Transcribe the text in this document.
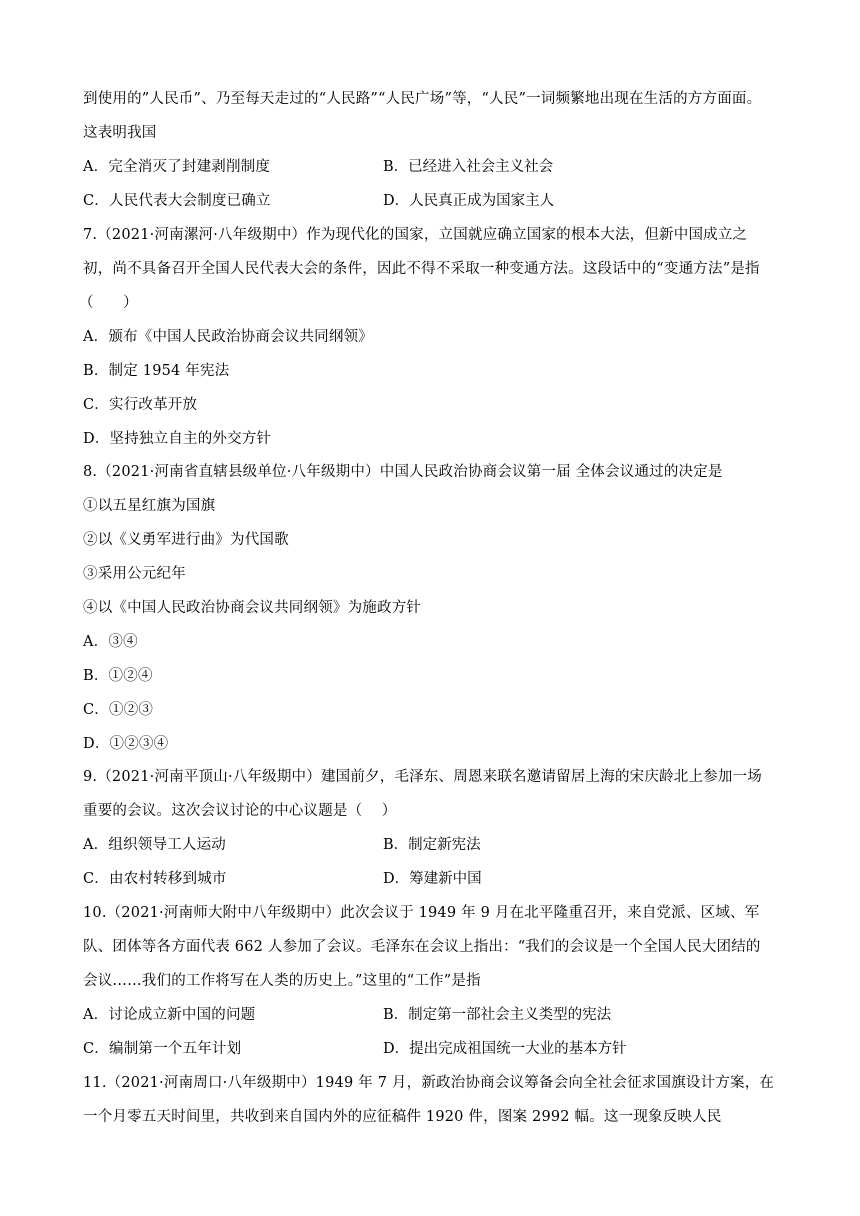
到使用的”人民币”、乃至每天走过的“人民路”“人民广场”等，“人民”一词频繁地出现在生活的方方面面。
这表明我国
A．完全消灭了封建剥削制度	B．已经进入社会主义社会
C．人民代表大会制度已确立	D．人民真正成为国家主人
7.（2021·河南漯河·八年级期中）作为现代化的国家，立国就应确立国家的根本大法，但新中国成立之
初，尚不具备召开全国人民代表大会的条件，因此不得不采取一种变通方法。这段话中的“变通方法”是指
（　　）
A．颁布《中国人民政治协商会议共同纲领》
B．制定 1954 年宪法
C．实行改革开放
D．坚持独立自主的外交方针
8.（2021·河南省直辖县级单位·八年级期中）中国人民政治协商会议第一届 全体会议通过的决定是
①以五星红旗为国旗
②以《义勇军进行曲》为代国歌
③采用公元纪年
④以《中国人民政治协商会议共同纲领》为施政方针
A．③④
B．①②④
C．①②③
D．①②③④
9.（2021·河南平顶山·八年级期中）建国前夕，毛泽东、周恩来联名邀请留居上海的宋庆龄北上参加一场
重要的会议。这次会议讨论的中心议题是（　 ）
A．组织领导工人运动	B．制定新宪法
C．由农村转移到城市	D．筹建新中国
10.（2021·河南师大附中八年级期中）此次会议于 1949 年 9 月在北平隆重召开，来自党派、区域、军
队、团体等各方面代表 662 人参加了会议。毛泽东在会议上指出：“我们的会议是一个全国人民大团结的
会议……我们的工作将写在人类的历史上。”这里的“工作”是指
A．讨论成立新中国的问题	B．制定第一部社会主义类型的宪法
C．编制第一个五年计划	D．提出完成祖国统一大业的基本方针
11.（2021·河南周口·八年级期中）1949 年 7 月，新政治协商会议筹备会向全社会征求国旗设计方案，在
一个月零五天时间里，共收到来自国内外的应征稿件 1920 件，图案 2992 幅。这一现象反映人民
